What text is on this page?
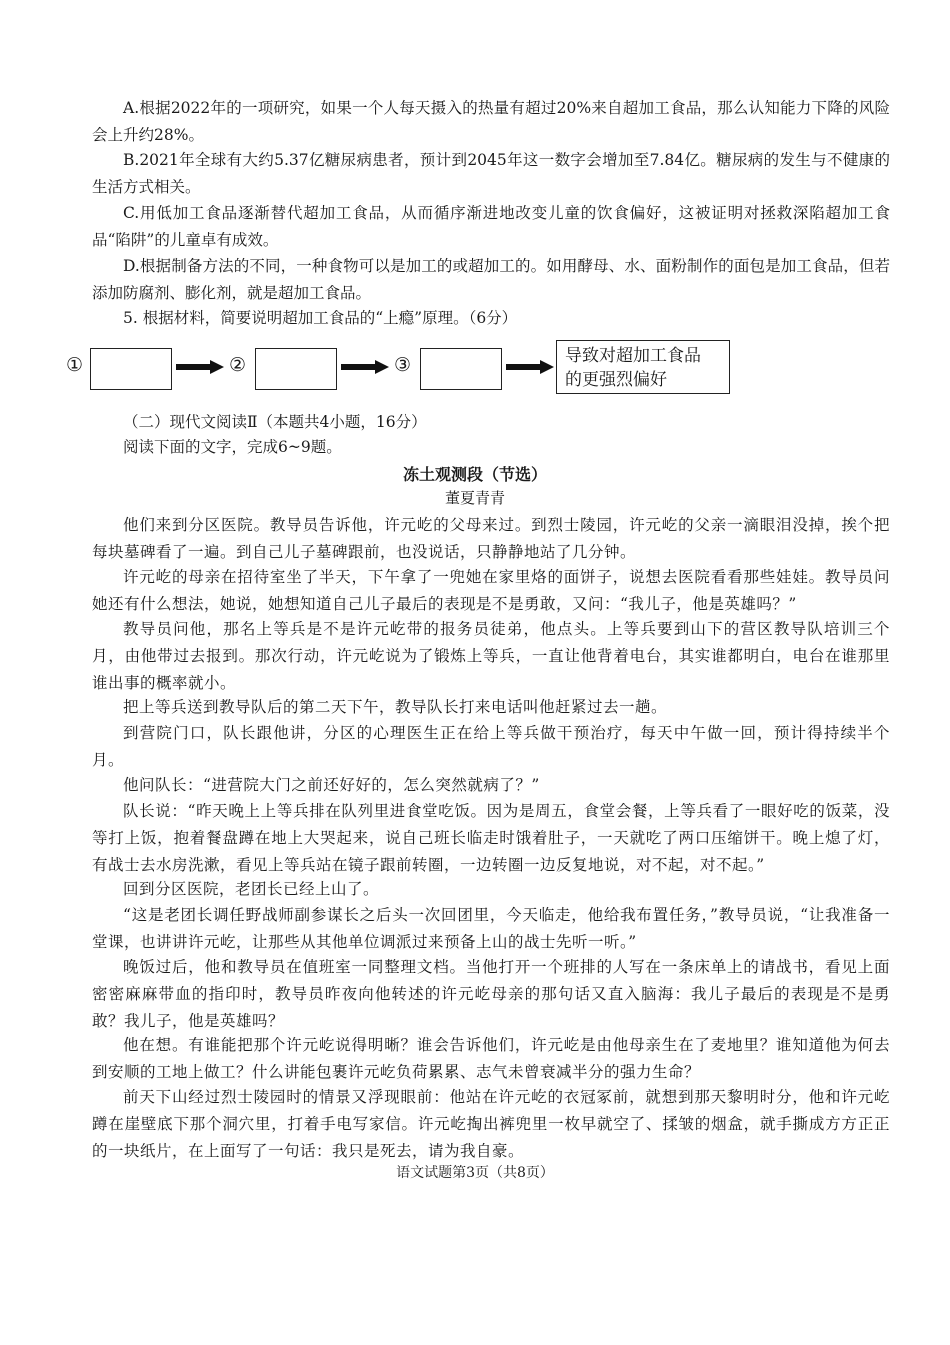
A.根据2022年的一项研究，如果一个人每天摄入的热量有超过20%来自超加工食品，那么认知能力下降的风险会上升约28%。

B.2021年全球有大约5.37亿糖尿病患者，预计到2045年这一数字会增加至7.84亿。糖尿病的发生与不健康的生活方式相关。

C.用低加工食品逐渐替代超加工食品，从而循序渐进地改变儿童的饮食偏好，这被证明对拯救深陷超加工食品“陷阱”的儿童卓有成效。

D.根据制备方法的不同，一种食物可以是加工的或超加工的。如用酵母、水、面粉制作的面包是加工食品，但若添加防腐剂、膨化剂，就是超加工食品。

5. 根据材料，简要说明超加工食品的“上瘾”原理。（6分）

①	②	③	导致对超加工食品
的更强烈偏好

（二）现代文阅读Ⅱ（本题共4小题，16分）

阅读下面的文字，完成6~9题。

冻土观测段（节选）
董夏青青

他们来到分区医院。教导员告诉他，许元屹的父母来过。到烈士陵园，许元屹的父亲一滴眼泪没掉，挨个把每块墓碑看了一遍。到自己儿子墓碑跟前，也没说话，只静静地站了几分钟。

许元屹的母亲在招待室坐了半天，下午拿了一兜她在家里烙的面饼子，说想去医院看看那些娃娃。教导员问她还有什么想法，她说，她想知道自己儿子最后的表现是不是勇敢，又问：“我儿子，他是英雄吗？”

教导员问他，那名上等兵是不是许元屹带的报务员徒弟，他点头。上等兵要到山下的营区教导队培训三个月，由他带过去报到。那次行动，许元屹说为了锻炼上等兵，一直让他背着电台，其实谁都明白，电台在谁那里谁出事的概率就小。

把上等兵送到教导队后的第二天下午，教导队长打来电话叫他赶紧过去一趟。

到营院门口，队长跟他讲，分区的心理医生正在给上等兵做干预治疗，每天中午做一回，预计得持续半个月。

他问队长：“进营院大门之前还好好的，怎么突然就病了？”

队长说：“昨天晚上上等兵排在队列里进食堂吃饭。因为是周五，食堂会餐，上等兵看了一眼好吃的饭菜，没等打上饭，抱着餐盘蹲在地上大哭起来，说自己班长临走时饿着肚子，一天就吃了两口压缩饼干。晚上熄了灯，有战士去水房洗漱，看见上等兵站在镜子跟前转圈，一边转圈一边反复地说，对不起，对不起。”

回到分区医院，老团长已经上山了。

“这是老团长调任野战师副参谋长之后头一次回团里，今天临走，他给我布置任务，”教导员说，“让我准备一堂课，也讲讲许元屹，让那些从其他单位调派过来预备上山的战士先听一听。”

晚饭过后，他和教导员在值班室一同整理文档。当他打开一个班排的人写在一条床单上的请战书，看见上面密密麻麻带血的指印时，教导员昨夜向他转述的许元屹母亲的那句话又直入脑海：我儿子最后的表现是不是勇敢？我儿子，他是英雄吗？

他在想。有谁能把那个许元屹说得明晰？谁会告诉他们，许元屹是由他母亲生在了麦地里？谁知道他为何去到安顺的工地上做工？什么讲能包裹许元屹负荷累累、志气未曾衰减半分的强力生命？

前天下山经过烈士陵园时的情景又浮现眼前：他站在许元屹的衣冠冢前，就想到那天黎明时分，他和许元屹蹲在崖壁底下那个洞穴里，打着手电写家信。许元屹掏出裤兜里一枚早就空了、揉皱的烟盒，就手撕成方方正正的一块纸片，在上面写了一句话：我只是死去，请为我自豪。

语文试题第3页（共8页）
